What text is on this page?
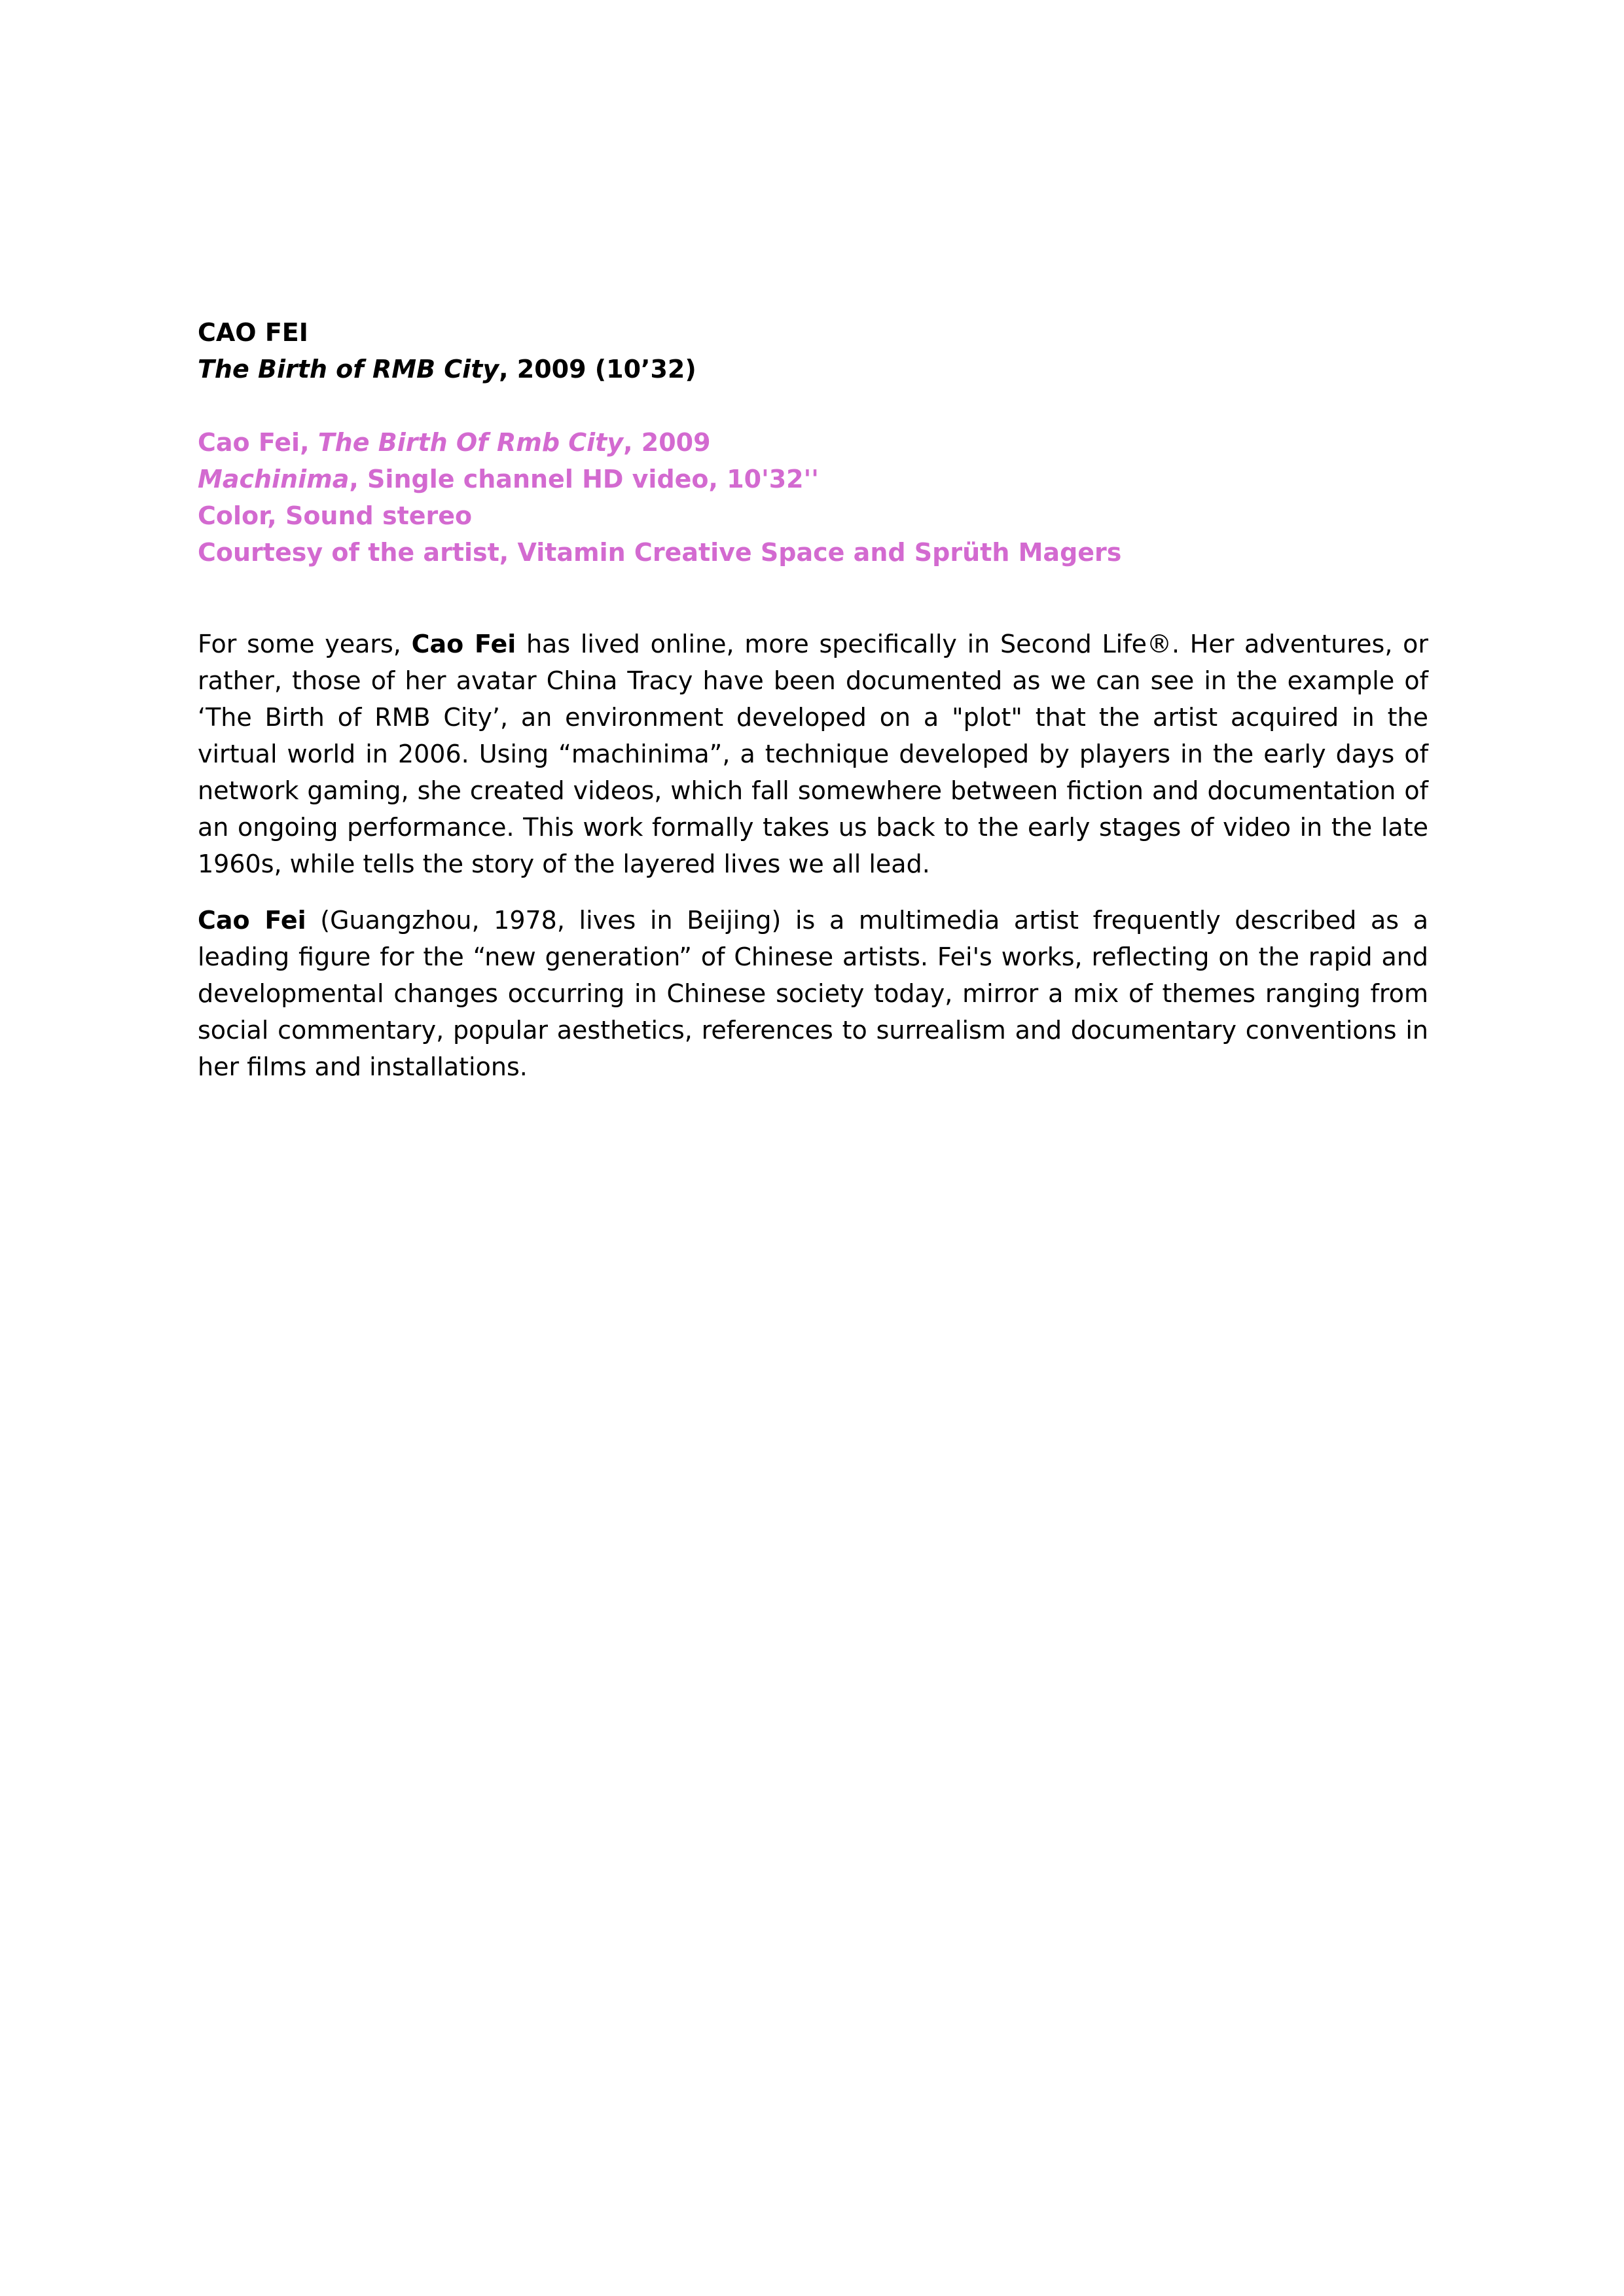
CAO FEI
The Birth of RMB City, 2009 (10’32)
Cao Fei, The Birth Of Rmb City, 2009
Machinima, Single channel HD video, 10'32''
Color, Sound stereo
Courtesy of the artist, Vitamin Creative Space and Sprüth Magers

For some years, Cao Fei has lived online, more specifically in Second Life®. Her adventures, or rather, those of her avatar China Tracy have been documented as we can see in the example of ‘The Birth of RMB City’, an environment developed on a "plot" that the artist acquired in the virtual world in 2006. Using “machinima”, a technique developed by players in the early days of network gaming, she created videos, which fall somewhere between fiction and documentation of an ongoing performance. This work formally takes us back to the early stages of video in the late 1960s, while tells the story of the layered lives we all lead.

Cao Fei (Guangzhou, 1978, lives in Beijing) is a multimedia artist frequently described as a leading figure for the “new generation” of Chinese artists. Fei's works, reflecting on the rapid and developmental changes occurring in Chinese society today, mirror a mix of themes ranging from social commentary, popular aesthetics, references to surrealism and documentary conventions in her films and installations.
